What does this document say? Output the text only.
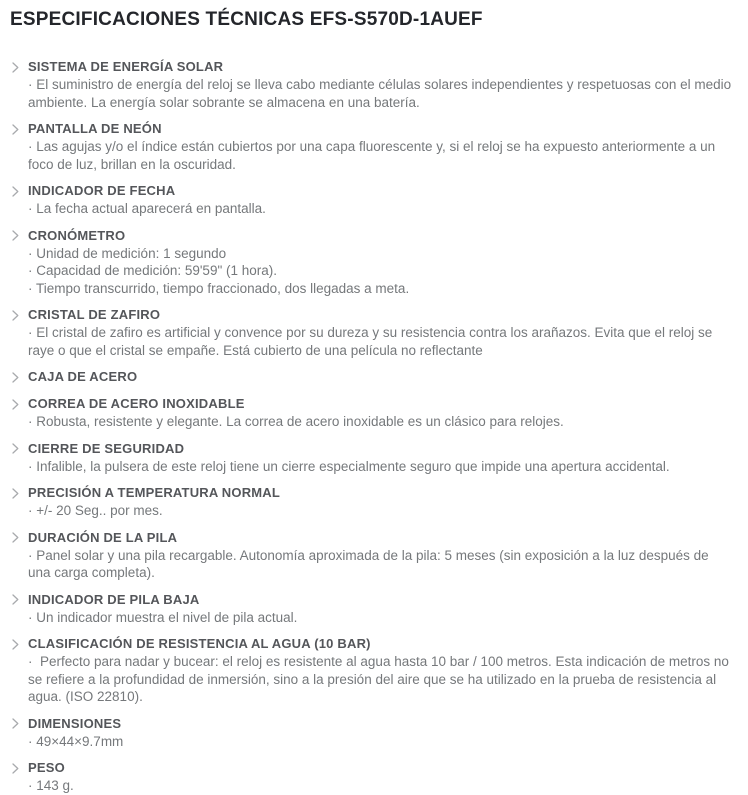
ESPECIFICACIONES TÉCNICAS EFS-S570D-1AUEF
SISTEMA DE ENERGÍA SOLAR

· El suministro de energía del reloj se lleva cabo mediante células solares independientes y respetuosas con el medio ambiente. La energía solar sobrante se almacena en una batería.

PANTALLA DE NEÓN

· Las agujas y/o el índice están cubiertos por una capa fluorescente y, si el reloj se ha expuesto anteriormente a un foco de luz, brillan en la oscuridad.

INDICADOR DE FECHA

· La fecha actual aparecerá en pantalla.

CRONÓMETRO

· Unidad de medición: 1 segundo

· Capacidad de medición: 59'59" (1 hora).

· Tiempo transcurrido, tiempo fraccionado, dos llegadas a meta.

CRISTAL DE ZAFIRO

· El cristal de zafiro es artificial y convence por su dureza y su resistencia contra los arañazos. Evita que el reloj se raye o que el cristal se empañe. Está cubierto de una película no reflectante

CAJA DE ACERO
CORREA DE ACERO INOXIDABLE

· Robusta, resistente y elegante. La correa de acero inoxidable es un clásico para relojes.

CIERRE DE SEGURIDAD

· Infalible, la pulsera de este reloj tiene un cierre especialmente seguro que impide una apertura accidental.

PRECISIÓN A TEMPERATURA NORMAL

· +/- 20 Seg.. por mes.

DURACIÓN DE LA PILA

· Panel solar y una pila recargable. Autonomía aproximada de la pila: 5 meses (sin exposición a la luz después de una carga completa).

INDICADOR DE PILA BAJA

· Un indicador muestra el nivel de pila actual.

CLASIFICACIÓN DE RESISTENCIA AL AGUA (10 BAR)

·  Perfecto para nadar y bucear: el reloj es resistente al agua hasta 10 bar / 100 metros. Esta indicación de metros no se refiere a la profundidad de inmersión, sino a la presión del aire que se ha utilizado en la prueba de resistencia al agua. (ISO 22810).

DIMENSIONES

· 49×44×9.7mm

PESO

· 143 g.
